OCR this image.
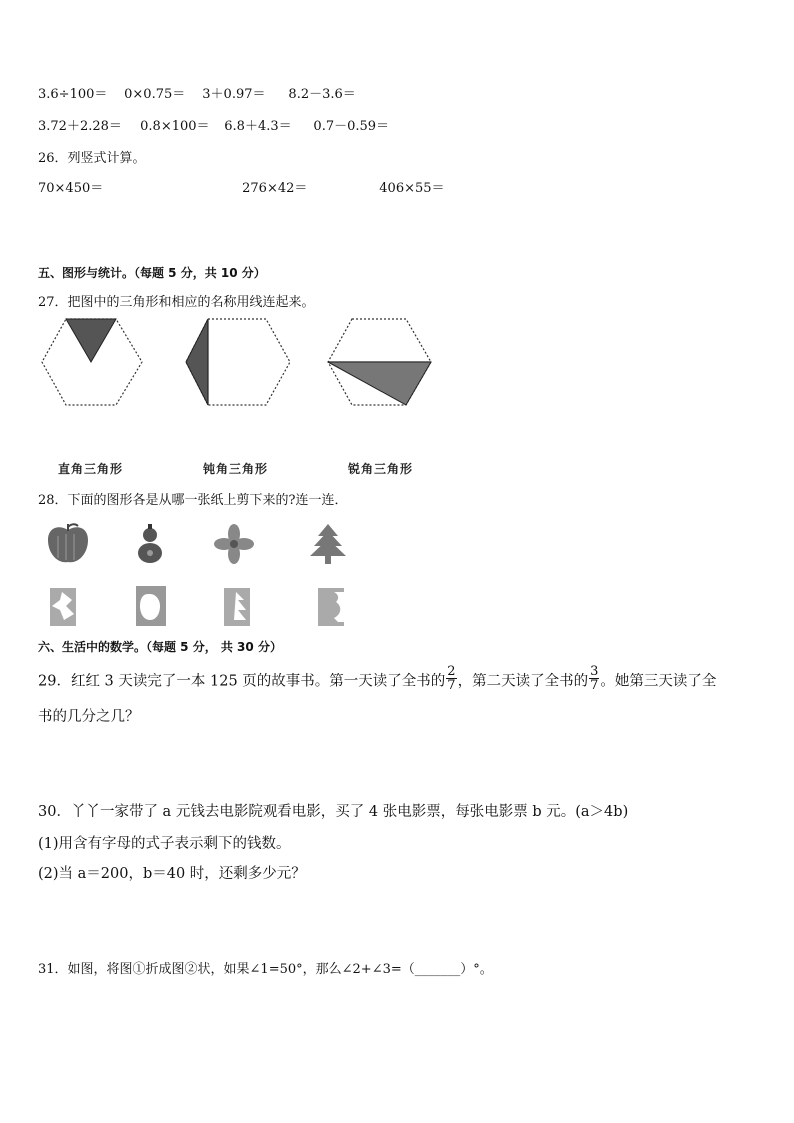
3.6÷100＝ 0×0.75＝ 3＋0.97＝ 8.2－3.6＝
3.72＋2.28＝ 0.8×100＝ 6.8＋4.3＝ 0.7－0.59＝
26．列竖式计算。
70×450＝	276×42＝	406×55＝
五、图形与统计。（每题 5 分，共 10 分）
27．把图中的三角形和相应的名称用线连起来。
直角三角形	钝角三角形	锐角三角形
28．下面的图形各是从哪一张纸上剪下来的?连一连．
六、生活中的数学。（每题 5 分， 共 30 分）
29．红红 3 天读完了一本 125 页的故事书。第一天读了全书的 $\frac{2}{7}$ ，第二天读了全书的 $\frac{3}{7}$ 。她第三天读了全
书的几分之几？
30．丫丫一家带了 a 元钱去电影院观看电影，买了 4 张电影票，每张电影票 b 元。(a＞4b)
(1)用含有字母的式子表示剩下的钱数。
(2)当 a＝200，b＝40 时，还剩多少元？
31．如图，将图①折成图②状，如果∠1=50°，那么∠2+∠3=（_______）°。
